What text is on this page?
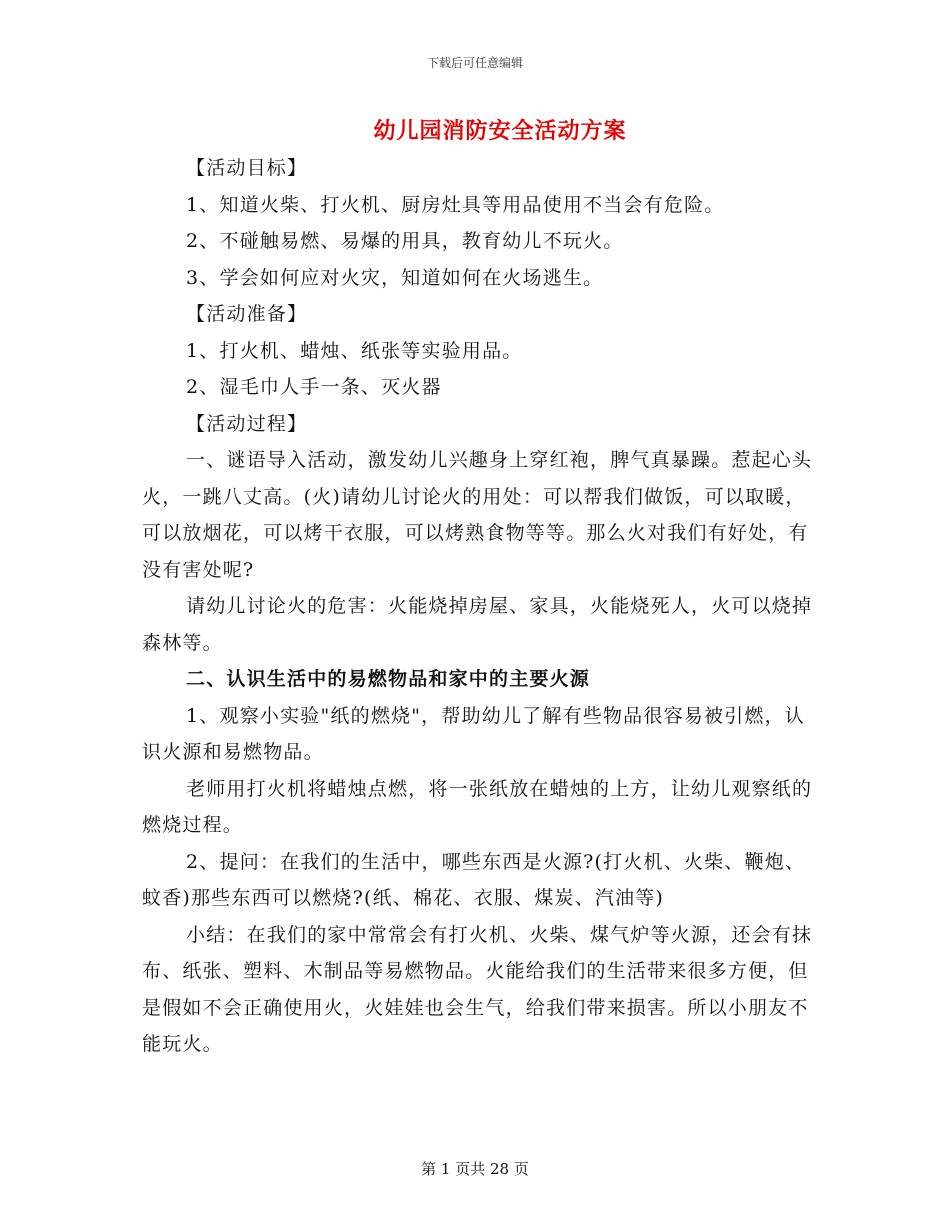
下载后可任意编辑
幼儿园消防安全活动方案

【活动目标】

1、知道火柴、打火机、厨房灶具等用品使用不当会有危险。

2、不碰触易燃、易爆的用具，教育幼儿不玩火。

3、学会如何应对火灾，知道如何在火场逃生。

【活动准备】

1、打火机、蜡烛、纸张等实验用品。

2、湿毛巾人手一条、灭火器

【活动过程】

一、谜语导入活动，激发幼儿兴趣身上穿红袍，脾气真暴躁。惹起心头火，一跳八丈高。(火)请幼儿讨论火的用处：可以帮我们做饭，可以取暖，可以放烟花，可以烤干衣服，可以烤熟食物等等。那么火对我们有好处，有没有害处呢?

请幼儿讨论火的危害：火能烧掉房屋、家具，火能烧死人，火可以烧掉森林等。

二、认识生活中的易燃物品和家中的主要火源

1、观察小实验"纸的燃烧"，帮助幼儿了解有些物品很容易被引燃，认识火源和易燃物品。

老师用打火机将蜡烛点燃，将一张纸放在蜡烛的上方，让幼儿观察纸的燃烧过程。

2、提问：在我们的生活中，哪些东西是火源?(打火机、火柴、鞭炮、蚊香)那些东西可以燃烧?(纸、棉花、衣服、煤炭、汽油等)

小结：在我们的家中常常会有打火机、火柴、煤气炉等火源，还会有抹布、纸张、塑料、木制品等易燃物品。火能给我们的生活带来很多方便，但是假如不会正确使用火，火娃娃也会生气，给我们带来损害。所以小朋友不能玩火。

第 1 页共 28 页
